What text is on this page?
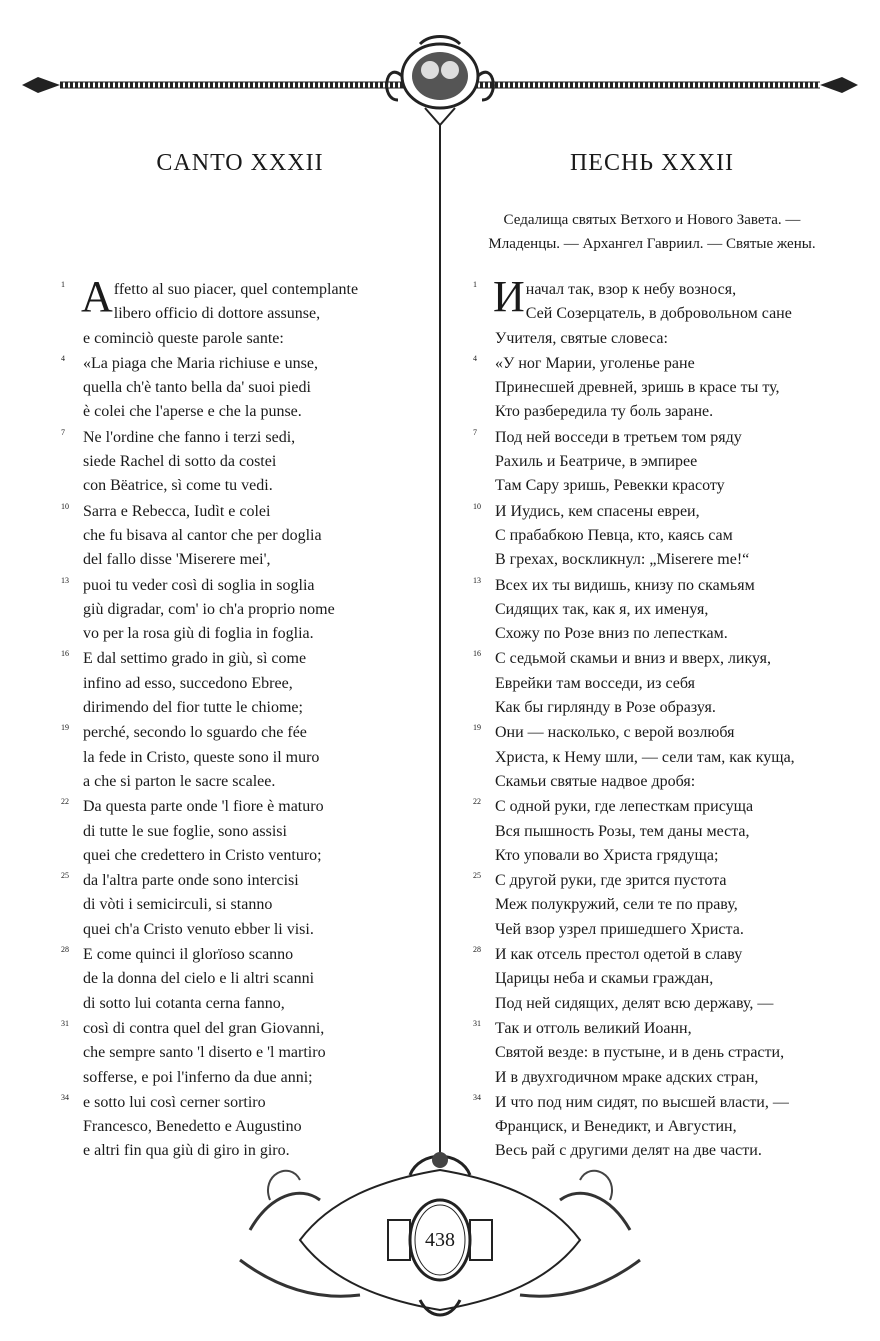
CANTO XXXII
1 Affetto al suo piacer, quel contemplante
libero officio di dottore assunse,
e cominciò queste parole sante:
4	«La piaga che Maria richiuse e unse,
quella ch'è tanto bella da' suoi piedi
è colei che l'aperse e che la punse.
7	Ne l'ordine che fanno i terzi sedi,
siede Rachel di sotto da costei
con Bëatrice, sì come tu vedi.
10 Sarra e Rebecca, Iudìt e colei
che fu bisava al cantor che per doglia
del fallo disse 'Miserere mei',
13 puoi tu veder così di soglia in soglia
giù digradar, com' io ch'a proprio nome
vo per la rosa giù di foglia in foglia.
16 E dal settimo grado in giù, sì come
infino ad esso, succedono Ebree,
dirimendo del fior tutte le chiome;
19 perché, secondo lo sguardo che fée
la fede in Cristo, queste sono il muro
a che si parton le sacre scalee.
22 Da questa parte onde 'l fiore è maturo
di tutte le sue foglie, sono assisi
quei che credettero in Cristo venturo;
25 da l'altra parte onde sono intercisi
di vòti i semicirculi, si stanno
quei ch'a Cristo venuto ebber li visi.
28 E come quinci il glorïoso scanno
de la donna del cielo e li altri scanni
di sotto lui cotanta cerna fanno,
31 così di contra quel del gran Giovanni,
che sempre santo 'l diserto e 'l martiro
sofferse, e poi l'inferno da due anni;
34 e sotto lui così cerner sortiro
Francesco, Benedetto e Augustino
e altri fin qua giù di giro in giro.
ПЕСНЬ XXXII
Седалища святых Ветхого и Нового Завета. —
Младенцы. — Архангел Гавриил. — Святые жены.
1 Иначал так, взор к небу вознося,
Сей Созерцатель, в добровольном сане
Учителя, святые словеса:
4	«У ног Марии, уголенье ране
Принесшей древней, зришь в красе ты ту,
Кто разбередила ту боль заране.
7	Под ней восседи в третьем том ряду
Рахиль и Беатриче, в эмпирее
Там Сару зришь, Ревекки красоту
10 И Иудись, кем спасены евреи,
С прабабкою Певца, кто, каясь сам
В грехах, воскликнул: „Miserere me!“
13 Всех их ты видишь, книзу по скамьям
Сидящих так, как я, их именуя,
Схожу по Розе вниз по лепесткам.
16 С седьмой скамьи и вниз и вверх, ликуя,
Еврейки там восседи, из себя
Как бы гирлянду в Розе образуя.
19 Они — насколько, с верой возлюбя
Христа, к Нему шли, — сели там, как куща,
Скамьи святые надвое дробя:
22 С одной руки, где лепесткам присуща
Вся пышность Розы, тем даны места,
Кто уповали во Христа грядуща;
25 С другой руки, где зрится пустота
Меж полукружий, сели те по праву,
Чей взор узрел пришедшего Христа.
28 И как отсель престол одетой в славу
Царицы неба и скамьи граждан,
Под ней сидящих, делят всю державу, —
31 Так и отголь великий Иоанн,
Святой везде: в пустыне, и в день страсти,
И в двухгодичном мраке адских стран,
34 И что под ним сидят, по высшей власти, —
Франциск, и Венедикт, и Августин,
Весь рай с другими делят на две части.
438
